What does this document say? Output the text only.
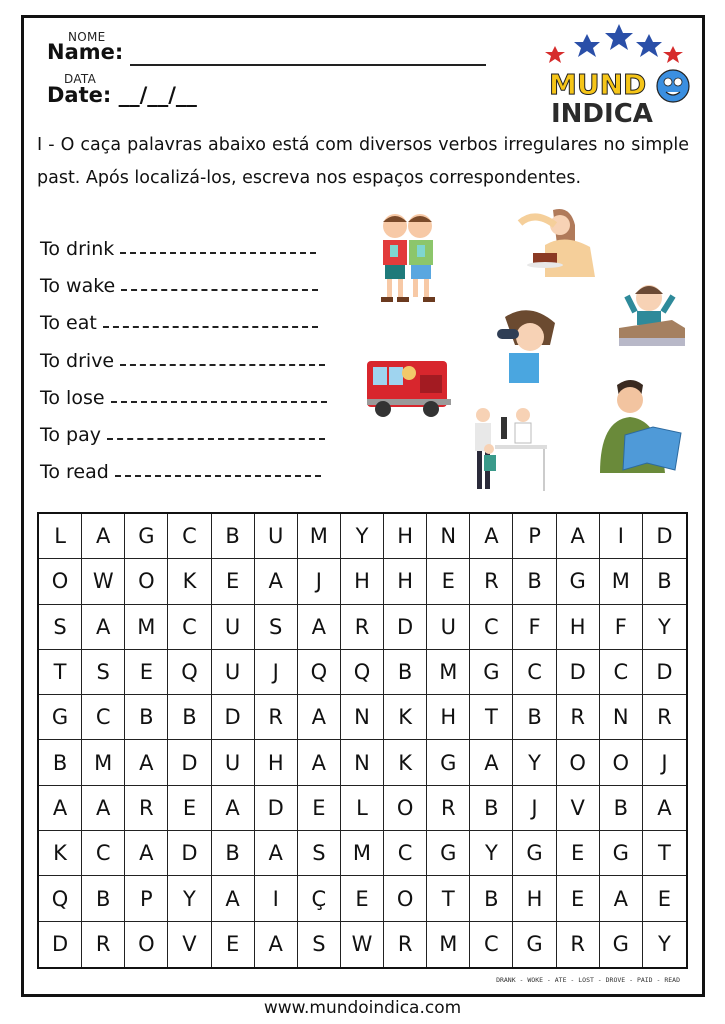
NOME
Name:
DATA
Date: __/__/__	MUND
INDICA
I - O caça palavras abaixo está com diversos verbos irregulares no simple past. Após localizá-los, escreva nos espaços correspondentes.
To drink
To wake
To eat
To drive
To lose
To pay
To read
L	A	G	C	B	U	M	Y	H	N	A	P	A	I	D
O	W	O	K	E	A	J	H	H	E	R	B	G	M	B
S	A	M	C	U	S	A	R	D	U	C	F	H	F	Y
T	S	E	Q	U	J	Q	Q	B	M	G	C	D	C	D
G	C	B	B	D	R	A	N	K	H	T	B	R	N	R
B	M	A	D	U	H	A	N	K	G	A	Y	O	O	J
A	A	R	E	A	D	E	L	O	R	B	J	V	B	A
K	C	A	D	B	A	S	M	C	G	Y	G	E	G	T
Q	B	P	Y	A	I	Ç	E	O	T	B	H	E	A	E
D	R	O	V	E	A	S	W	R	M	C	G	R	G	Y
DRANK - WOKE - ATE - LOST - DROVE - PAID - READ
www.mundoindica.com
